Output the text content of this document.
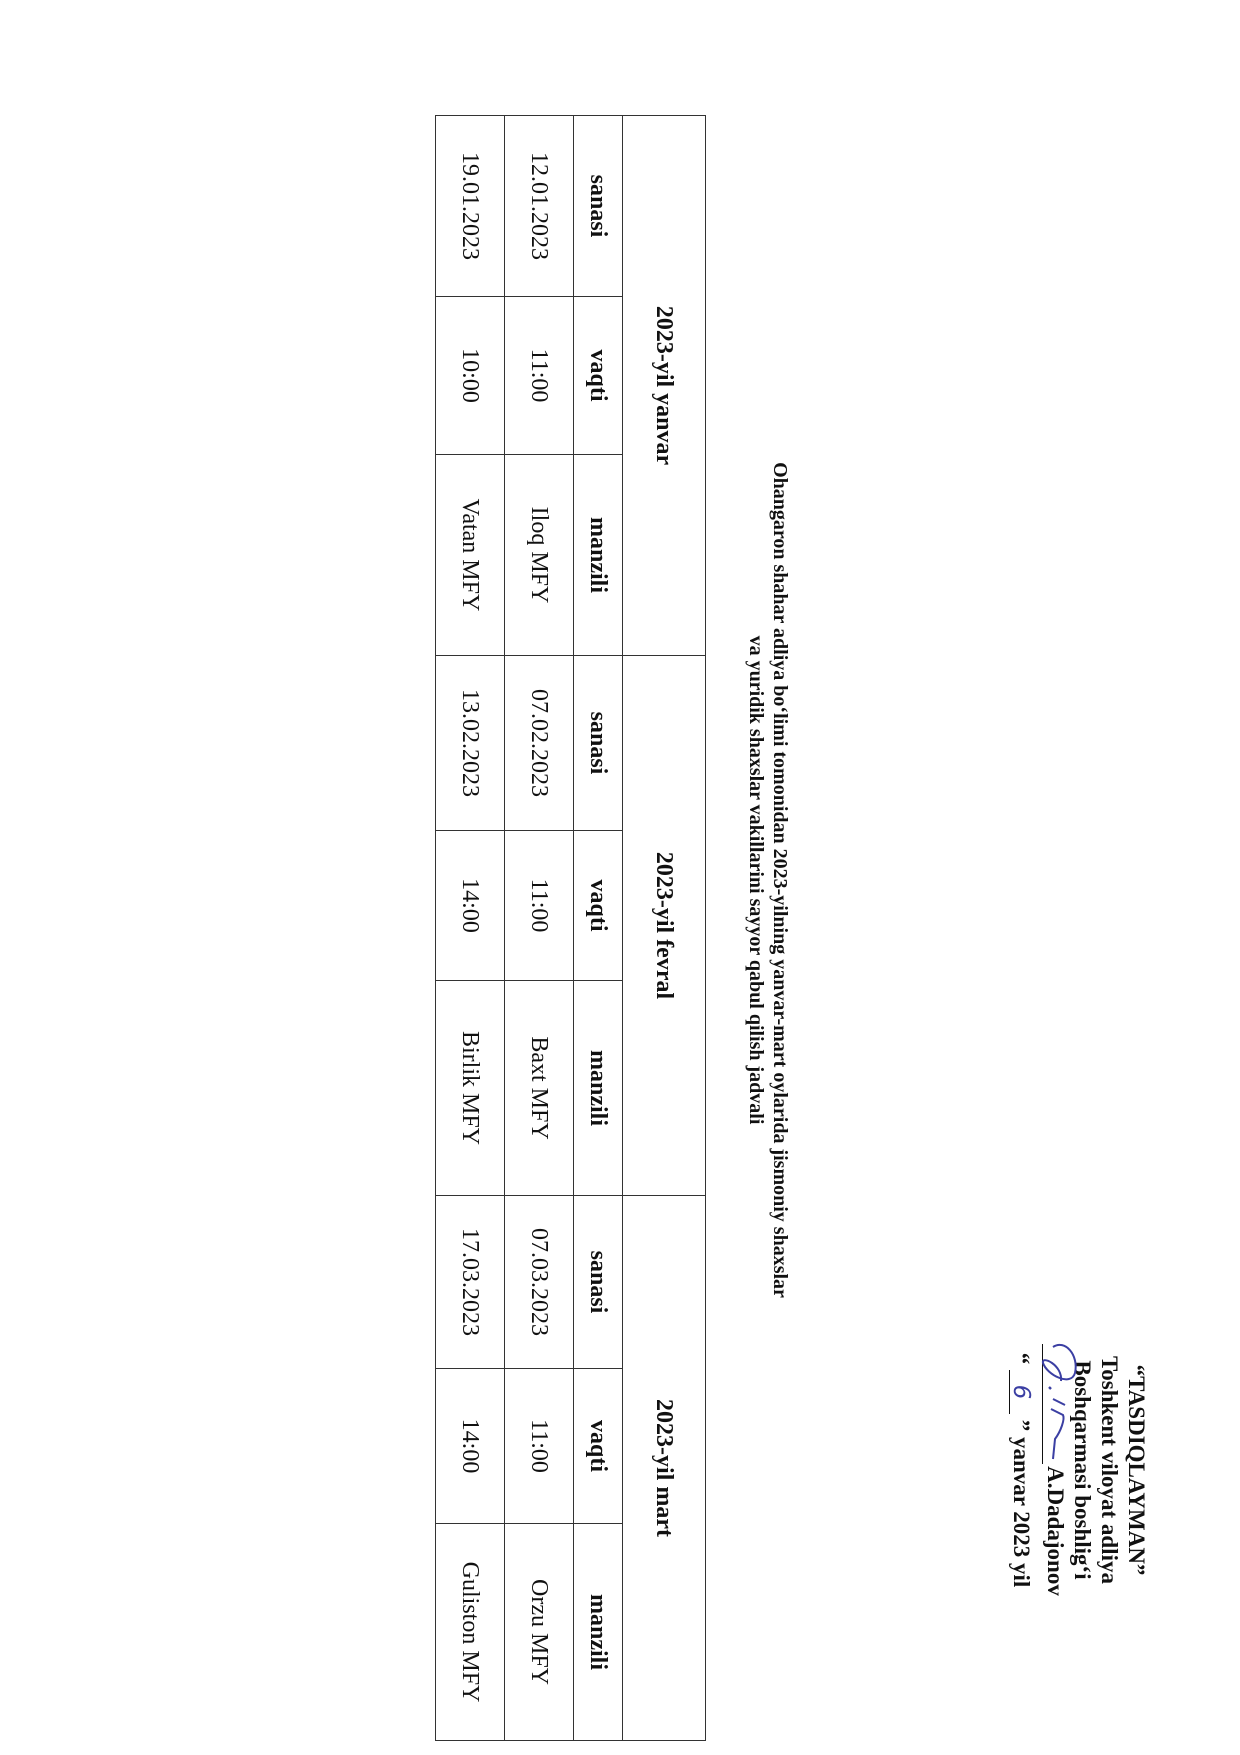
“TASDIQLAYMAN”
Toshkent viloyat adliya
Boshqarmasi boshlig‘i
A.Dadajonov
“ 6 ” yanvar 2023 yil
Ohangaron shahar adliya bo‘limi tomonidan 2023-yilning yanvar-mart oylarida jismoniy shaxslar
va yuridik shaxslar vakillarini sayyor qabul qilish jadvali
2023-yil yanvar			2023-yil fevral			2023-yil mart		
sanasi	vaqti	manzili	sanasi	vaqti	manzili	sanasi	vaqti	manzili
12.01.2023	11:00	Iloq MFY	07.02.2023	11:00	Baxt MFY	07.03.2023	11:00	Orzu MFY
19.01.2023	10:00	Vatan MFY	13.02.2023	14:00	Birlik MFY	17.03.2023	14:00	Guliston MFY
